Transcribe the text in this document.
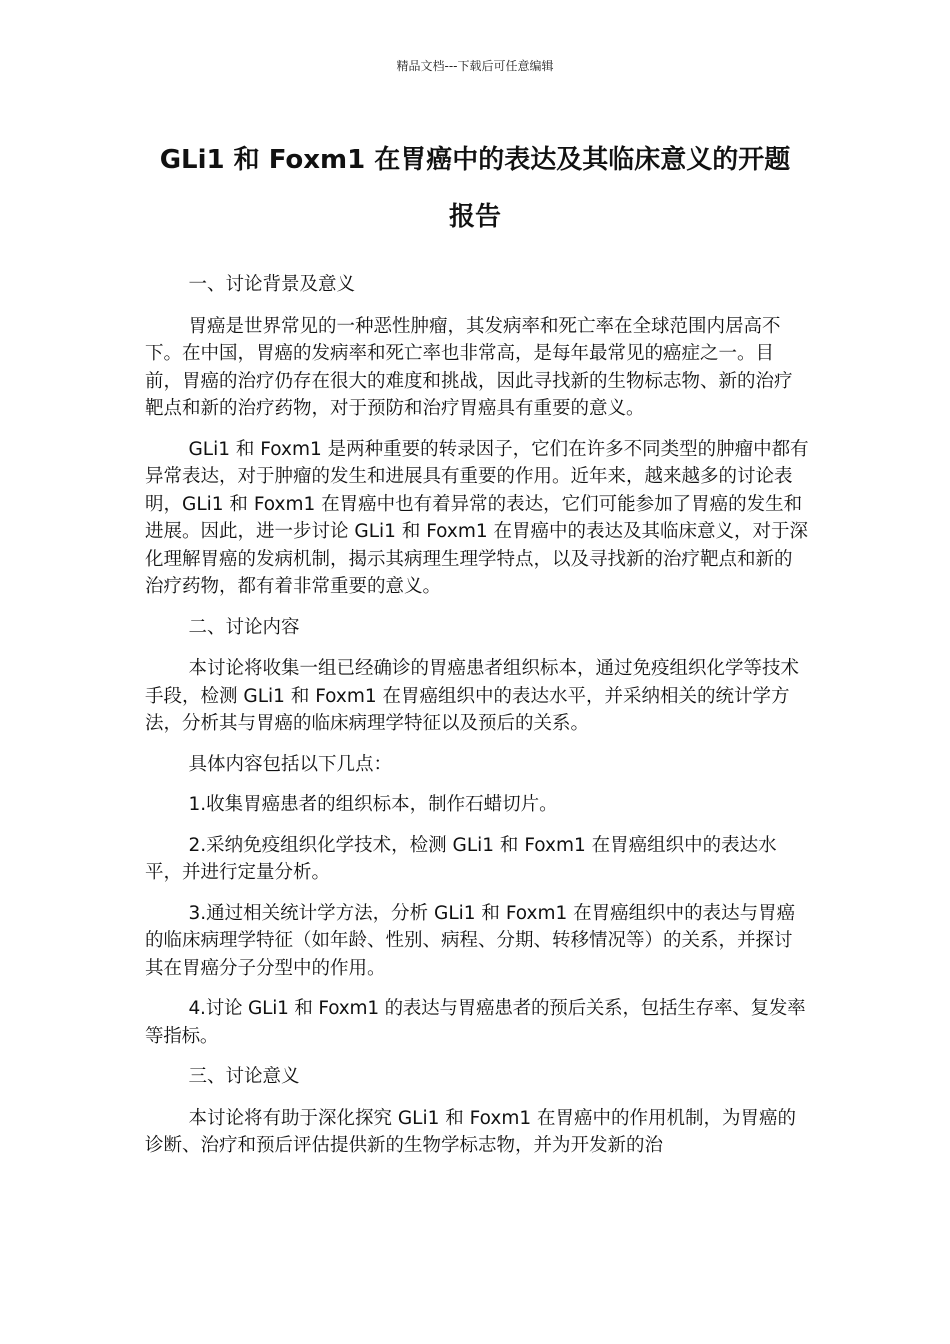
精品文档---下载后可任意编辑
GLi1 和 Foxm1 在胃癌中的表达及其临床意义的开题
报告

一、讨论背景及意义

胃癌是世界常见的一种恶性肿瘤，其发病率和死亡率在全球范围内居高不下。在中国，胃癌的发病率和死亡率也非常高，是每年最常见的癌症之一。目前，胃癌的治疗仍存在很大的难度和挑战，因此寻找新的生物标志物、新的治疗靶点和新的治疗药物，对于预防和治疗胃癌具有重要的意义。

GLi1 和 Foxm1 是两种重要的转录因子，它们在许多不同类型的肿瘤中都有异常表达，对于肿瘤的发生和进展具有重要的作用。近年来，越来越多的讨论表明，GLi1 和 Foxm1 在胃癌中也有着异常的表达，它们可能参加了胃癌的发生和进展。因此，进一步讨论 GLi1 和 Foxm1 在胃癌中的表达及其临床意义，对于深化理解胃癌的发病机制，揭示其病理生理学特点，以及寻找新的治疗靶点和新的治疗药物，都有着非常重要的意义。

二、讨论内容

本讨论将收集一组已经确诊的胃癌患者组织标本，通过免疫组织化学等技术手段，检测 GLi1 和 Foxm1 在胃癌组织中的表达水平，并采纳相关的统计学方法，分析其与胃癌的临床病理学特征以及预后的关系。

具体内容包括以下几点：

1.收集胃癌患者的组织标本，制作石蜡切片。

2.采纳免疫组织化学技术，检测 GLi1 和 Foxm1 在胃癌组织中的表达水平，并进行定量分析。

3.通过相关统计学方法，分析 GLi1 和 Foxm1 在胃癌组织中的表达与胃癌的临床病理学特征（如年龄、性别、病程、分期、转移情况等）的关系，并探讨其在胃癌分子分型中的作用。

4.讨论 GLi1 和 Foxm1 的表达与胃癌患者的预后关系，包括生存率、复发率等指标。

三、讨论意义

本讨论将有助于深化探究 GLi1 和 Foxm1 在胃癌中的作用机制，为胃癌的诊断、治疗和预后评估提供新的生物学标志物，并为开发新的治
